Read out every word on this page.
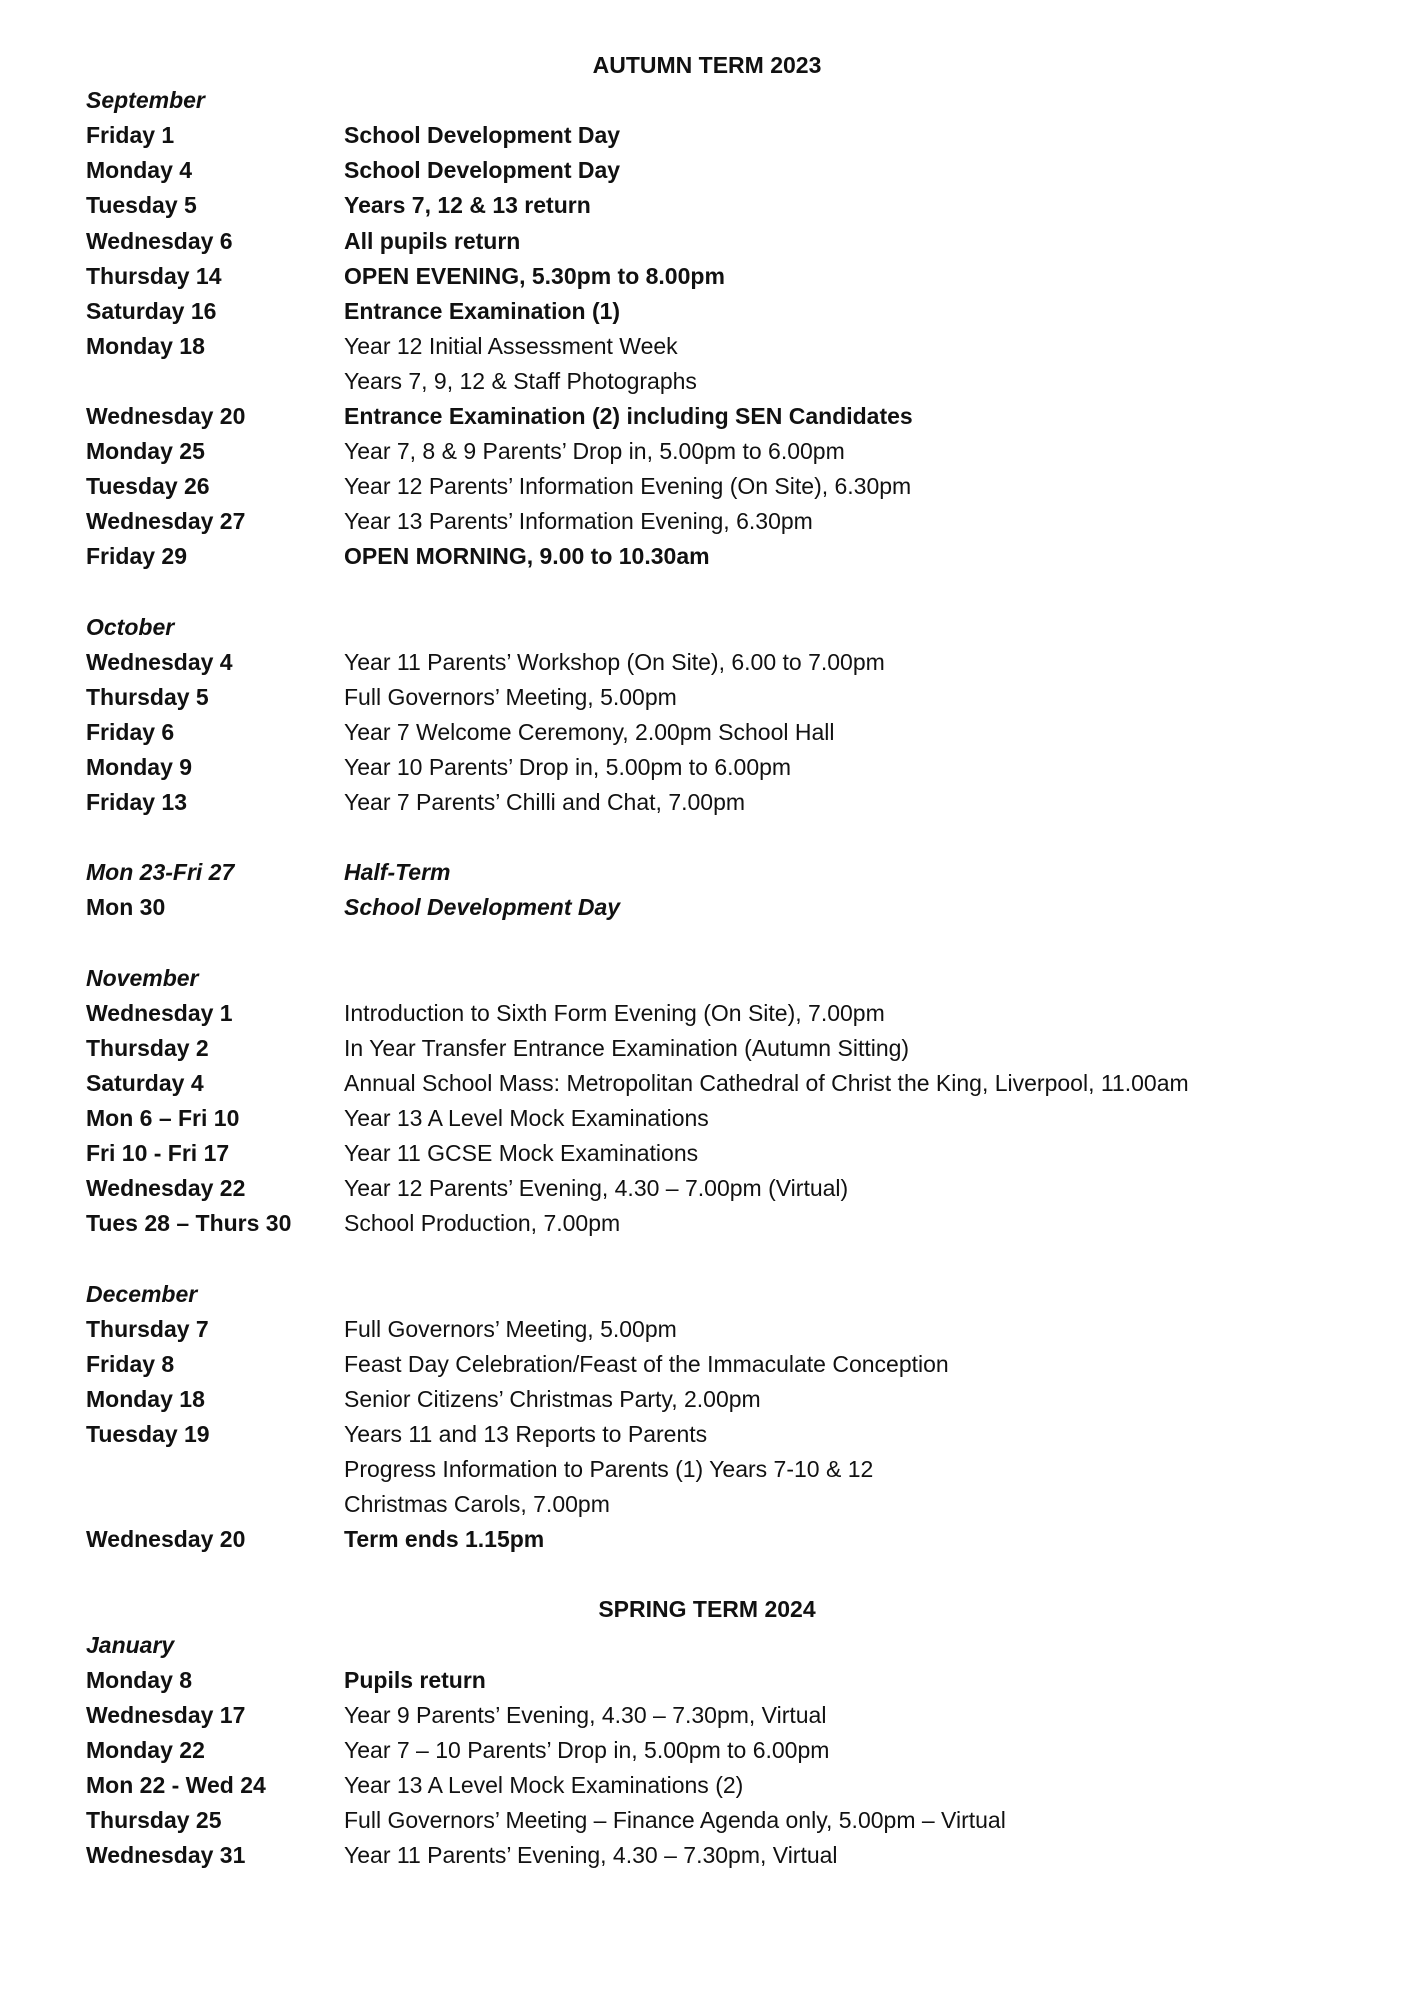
AUTUMN TERM 2023
September
Friday 1	School Development Day
Monday 4	School Development Day
Tuesday 5	Years 7, 12 & 13 return
Wednesday 6	All pupils return
Thursday 14	OPEN EVENING, 5.30pm to 8.00pm
Saturday 16	Entrance Examination (1)
Monday 18	Year 12 Initial Assessment Week
Years 7, 9, 12 & Staff Photographs
Wednesday 20	Entrance Examination (2) including SEN Candidates
Monday 25	Year 7, 8 & 9 Parents’ Drop in, 5.00pm to 6.00pm
Tuesday 26	Year 12 Parents’ Information Evening (On Site), 6.30pm
Wednesday 27	Year 13 Parents’ Information Evening, 6.30pm
Friday 29	OPEN MORNING, 9.00 to 10.30am
October
Wednesday 4	Year 11 Parents’ Workshop (On Site), 6.00 to 7.00pm
Thursday 5	Full Governors’ Meeting, 5.00pm
Friday 6	Year 7 Welcome Ceremony, 2.00pm School Hall
Monday 9	Year 10 Parents’ Drop in, 5.00pm to 6.00pm
Friday 13	Year 7 Parents’ Chilli and Chat, 7.00pm
Mon 23-Fri 27	Half-Term
Mon 30	School Development Day
November
Wednesday 1	Introduction to Sixth Form Evening (On Site), 7.00pm
Thursday 2	In Year Transfer Entrance Examination (Autumn Sitting)
Saturday 4	Annual School Mass: Metropolitan Cathedral of Christ the King, Liverpool, 11.00am
Mon 6 – Fri 10	Year 13 A Level Mock Examinations
Fri 10 - Fri 17	Year 11 GCSE Mock Examinations
Wednesday 22	Year 12 Parents’ Evening, 4.30 – 7.00pm (Virtual)
Tues 28 – Thurs 30 School Production, 7.00pm
December
Thursday 7	Full Governors’ Meeting, 5.00pm
Friday 8	Feast Day Celebration/Feast of the Immaculate Conception
Monday 18	Senior Citizens’ Christmas Party, 2.00pm
Tuesday 19	Years 11 and 13 Reports to Parents
Progress Information to Parents (1) Years 7-10 & 12
Christmas Carols, 7.00pm
Wednesday 20	Term ends 1.15pm
SPRING TERM 2024
January
Monday 8	Pupils return
Wednesday 17	Year 9 Parents’ Evening, 4.30 – 7.30pm, Virtual
Monday 22	Year 7 – 10 Parents’ Drop in, 5.00pm to 6.00pm
Mon 22 - Wed 24	Year 13 A Level Mock Examinations (2)
Thursday 25	Full Governors’ Meeting – Finance Agenda only, 5.00pm – Virtual
Wednesday 31	Year 11 Parents’ Evening, 4.30 – 7.30pm, Virtual
